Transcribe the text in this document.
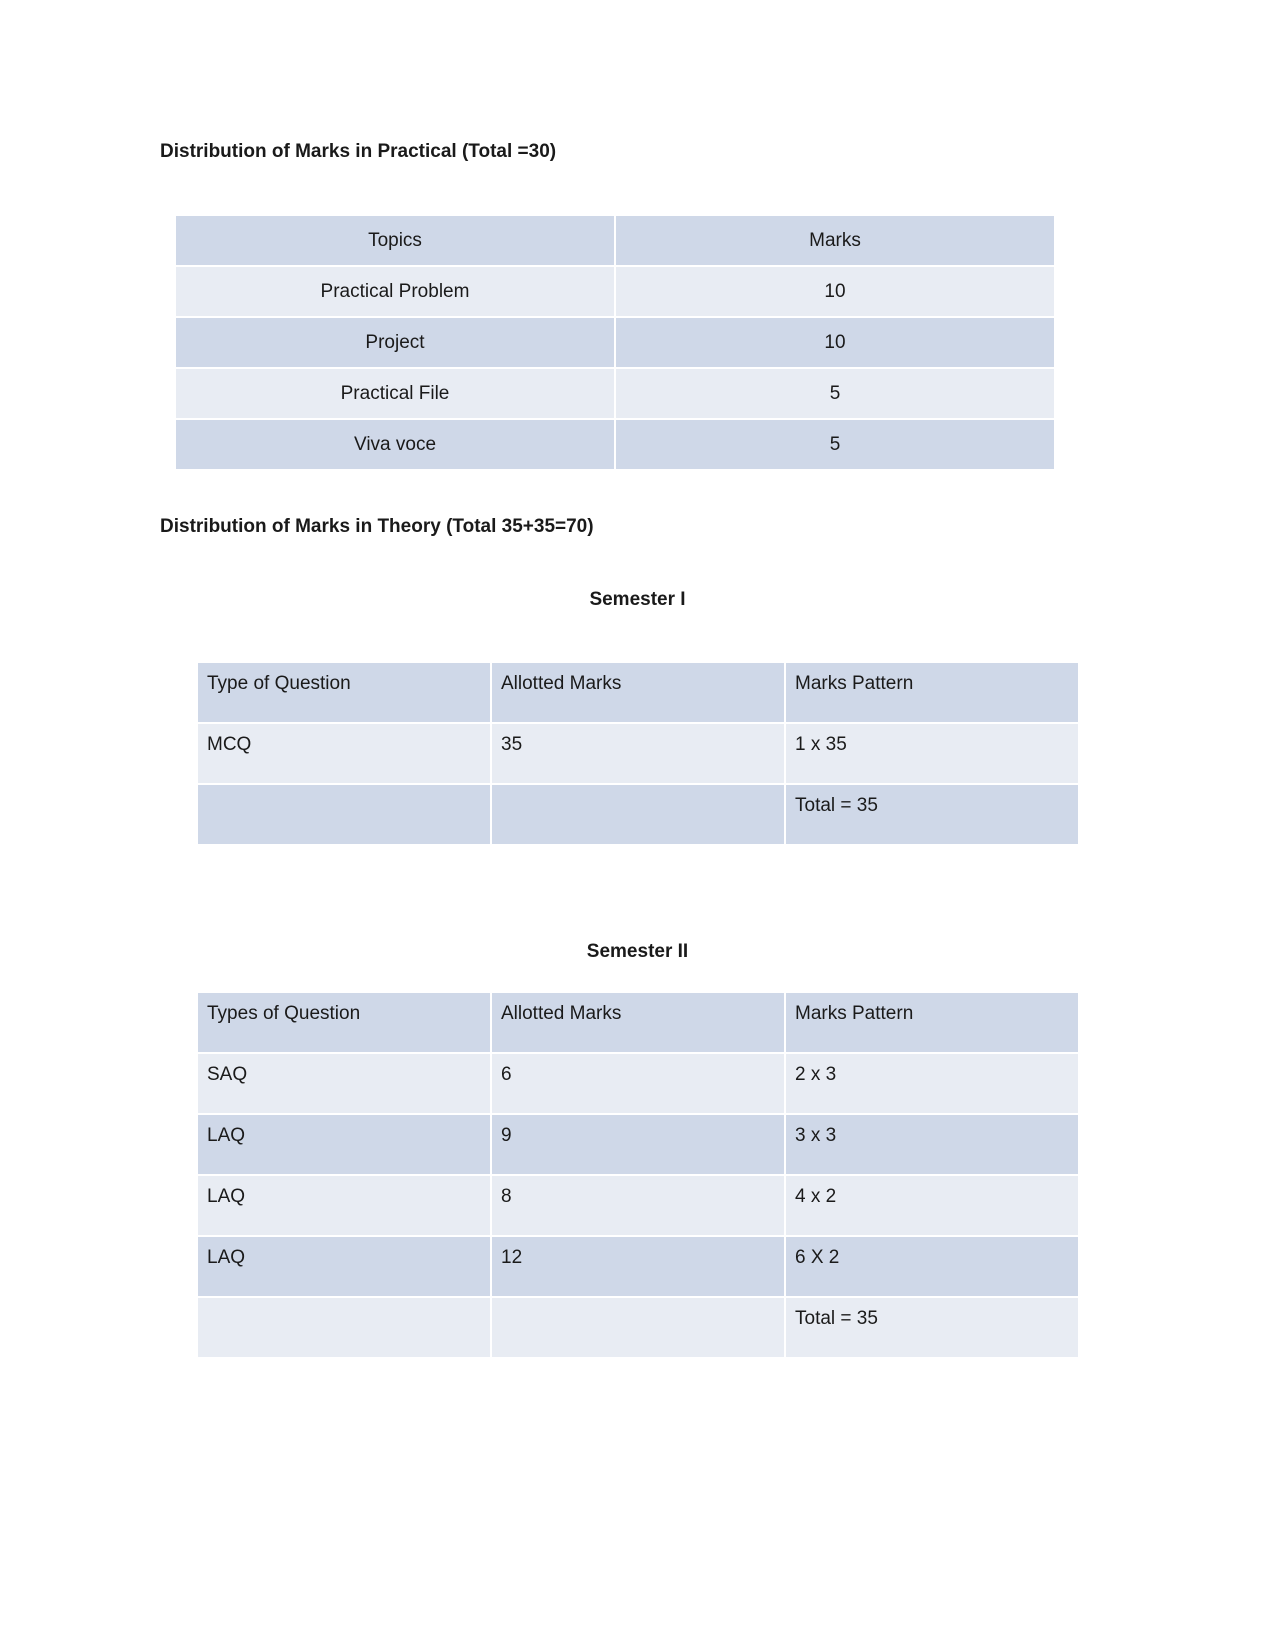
Distribution of Marks in Practical (Total =30)
Topics	Marks
Practical Problem	10
Project	10
Practical File	5
Viva voce	5
Distribution of Marks in Theory (Total 35+35=70)
Semester I
Type of Question	Allotted Marks	Marks Pattern
MCQ	35	1 x 35
		Total = 35
Semester II
Types of Question	Allotted Marks	Marks Pattern
SAQ	6	2 x 3
LAQ	9	3 x 3
LAQ	8	4 x 2
LAQ	12	6 X 2
		Total = 35
